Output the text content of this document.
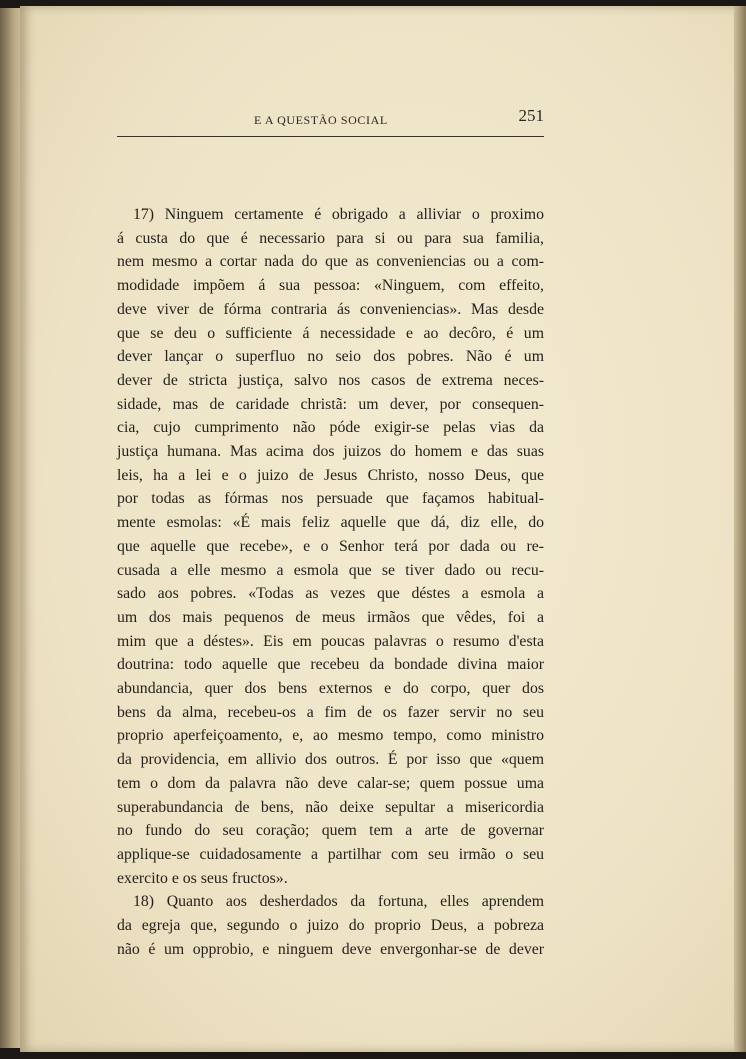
E A QUESTÃO SOCIAL	251
17) Ninguem certamente é obrigado a alliviar o proximo
á custa do que é necessario para si ou para sua familia,
nem mesmo a cortar nada do que as conveniencias ou a com-
modidade impõem á sua pessoa: «Ninguem, com effeito,
deve viver de fórma contraria ás conveniencias». Mas desde
que se deu o sufficiente á necessidade e ao decôro, é um
dever lançar o superfluo no seio dos pobres. Não é um
dever de stricta justiça, salvo nos casos de extrema neces-
sidade, mas de caridade christã: um dever, por consequen-
cia, cujo cumprimento não póde exigir-se pelas vias da
justiça humana. Mas acima dos juizos do homem e das suas
leis, ha a lei e o juizo de Jesus Christo, nosso Deus, que
por todas as fórmas nos persuade que façamos habitual-
mente esmolas: «É mais feliz aquelle que dá, diz elle, do
que aquelle que recebe», e o Senhor terá por dada ou re-
cusada a elle mesmo a esmola que se tiver dado ou recu-
sado aos pobres. «Todas as vezes que déstes a esmola a
um dos mais pequenos de meus irmãos que vêdes, foi a
mim que a déstes». Eis em poucas palavras o resumo d'esta
doutrina: todo aquelle que recebeu da bondade divina maior
abundancia, quer dos bens externos e do corpo, quer dos
bens da alma, recebeu-os a fim de os fazer servir no seu
proprio aperfeiçoamento, e, ao mesmo tempo, como ministro
da providencia, em allivio dos outros. É por isso que «quem
tem o dom da palavra não deve calar-se; quem possue uma
superabundancia de bens, não deixe sepultar a misericordia
no fundo do seu coração; quem tem a arte de governar
applique-se cuidadosamente a partilhar com seu irmão o seu
exercito e os seus fructos».
18) Quanto aos desherdados da fortuna, elles aprendem
da egreja que, segundo o juizo do proprio Deus, a pobreza
não é um opprobio, e ninguem deve envergonhar-se de dever
